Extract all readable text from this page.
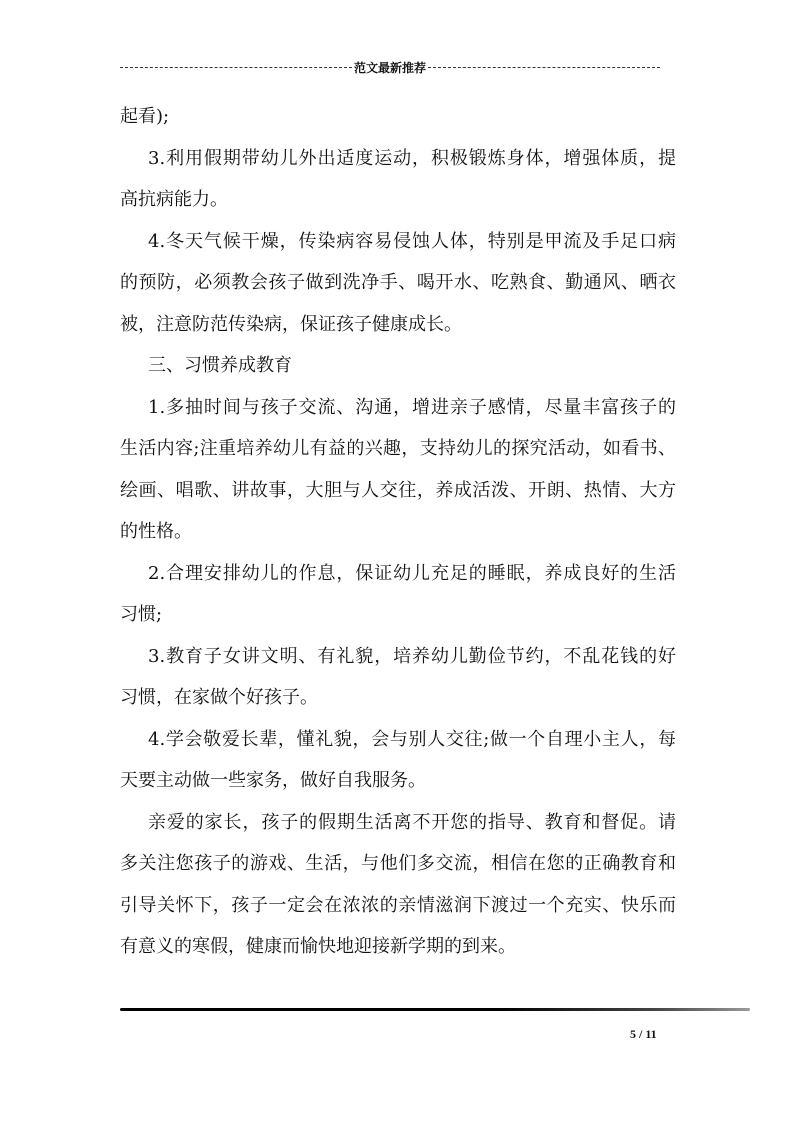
范文最新推荐
起看);
3.利用假期带幼儿外出适度运动，积极锻炼身体，增强体质，提
高抗病能力。
4.冬天气候干燥，传染病容易侵蚀人体，特别是甲流及手足口病
的预防，必须教会孩子做到洗净手、喝开水、吃熟食、勤通风、晒衣
被，注意防范传染病，保证孩子健康成长。
三、习惯养成教育
1.多抽时间与孩子交流、沟通，增进亲子感情，尽量丰富孩子的
生活内容;注重培养幼儿有益的兴趣，支持幼儿的探究活动，如看书、
绘画、唱歌、讲故事，大胆与人交往，养成活泼、开朗、热情、大方
的性格。
2.合理安排幼儿的作息，保证幼儿充足的睡眠，养成良好的生活
习惯;
3.教育子女讲文明、有礼貌，培养幼儿勤俭节约，不乱花钱的好
习惯，在家做个好孩子。
4.学会敬爱长辈，懂礼貌，会与别人交往;做一个自理小主人，每
天要主动做一些家务，做好自我服务。
亲爱的家长，孩子的假期生活离不开您的指导、教育和督促。请
多关注您孩子的游戏、生活，与他们多交流，相信在您的正确教育和
引导关怀下，孩子一定会在浓浓的亲情滋润下渡过一个充实、快乐而
有意义的寒假，健康而愉快地迎接新学期的到来。
5 / 11
